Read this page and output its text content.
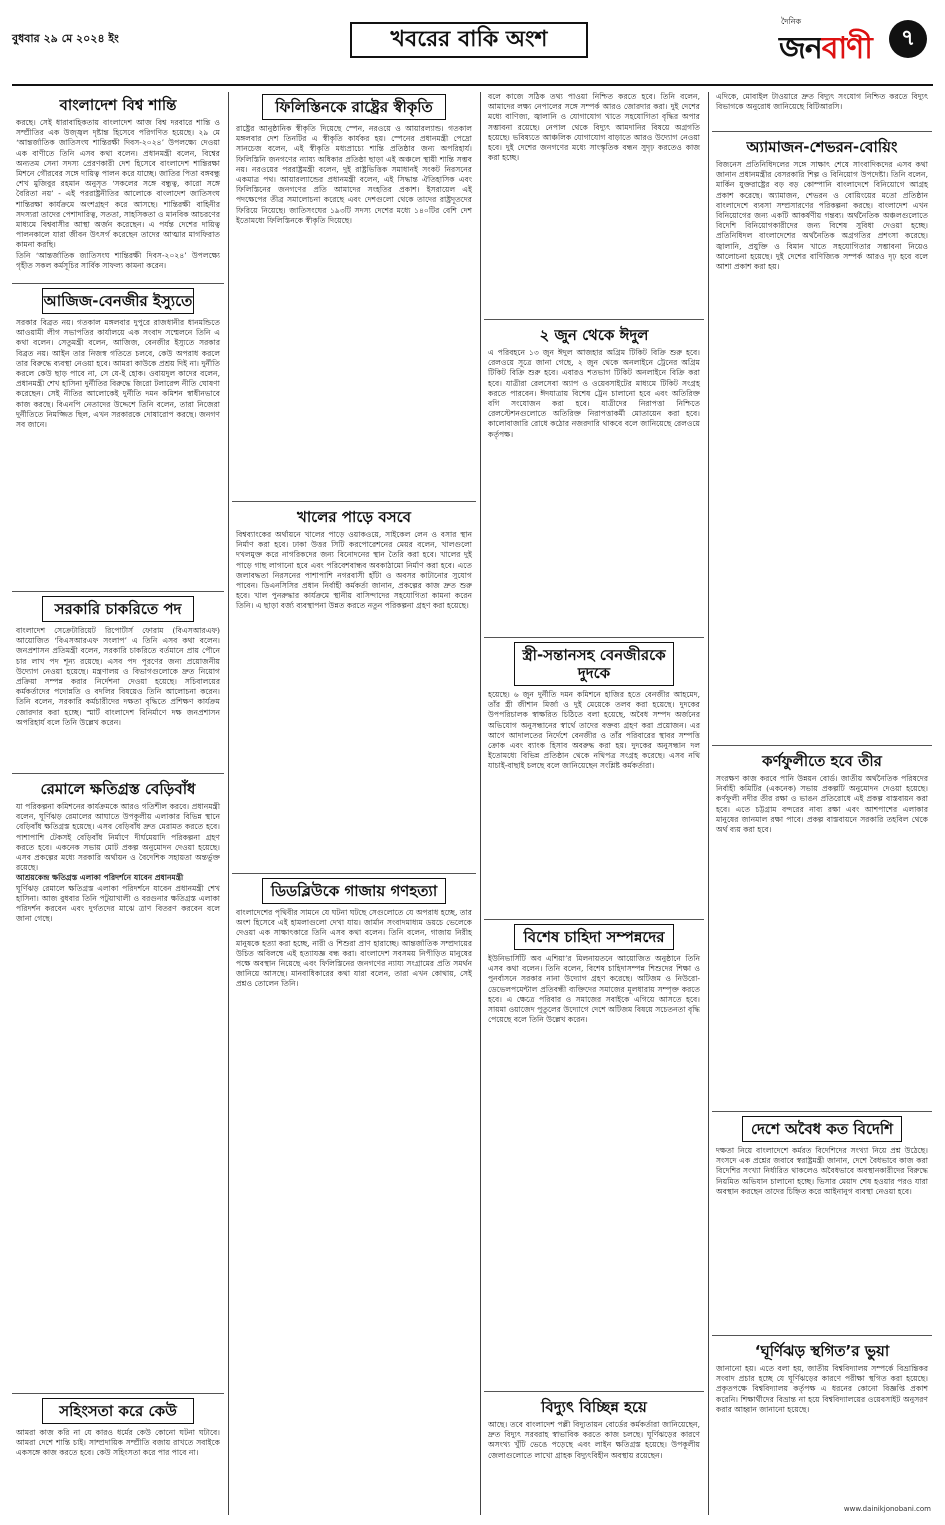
বুধবার ২৯ মে ২০২৪ ইং	খবরের বাকি অংশ
দৈনিক
জনবাণী	৭
বাংলাদেশ বিশ্ব শান্তি

করছে। সেই ধারাবাহিকতায় বাংলাদেশ আজ বিশ্ব দরবারে শান্তি ও সম্প্রীতির এক উজ্জ্বল দৃষ্টান্ত হিসেবে পরিগণিত হয়েছে। ২৯ মে ‘আন্তর্জাতিক জাতিসংঘ শান্তিরক্ষী দিবস-২০২৪’ উপলক্ষ্যে দেওয়া এক বাণীতে তিনি এসব কথা বলেন। প্রধানমন্ত্রী বলেন, বিশ্বের অন্যতম সেনা সদস্য প্রেরণকারী দেশ হিসেবে বাংলাদেশ শান্তিরক্ষা মিশনে গৌরবের সঙ্গে দায়িত্ব পালন করে যাচ্ছে। জাতির পিতা বঙ্গবন্ধু শেখ মুজিবুর রহমান অনুসৃত ‘সকলের সঙ্গে বন্ধুত্ব, কারো সঙ্গে বৈরিতা নয়’ - এই পররাষ্ট্রনীতির আলোকে বাংলাদেশ জাতিসংঘ শান্তিরক্ষা কার্যক্রমে অংশগ্রহণ করে আসছে। শান্তিরক্ষী বাহিনীর সদস্যরা তাদের পেশাদারিত্ব, সততা, সাহসিকতা ও মানবিক আচরণের মাধ্যমে বিশ্ববাসীর আস্থা অর্জন করেছেন। এ পর্যন্ত দেশের দায়িত্ব পালনকালে যারা জীবন উৎসর্গ করেছেন তাদের আত্মার মাগফিরাত কামনা করছি।

তিনি ‘আন্তর্জাতিক জাতিসংঘ শান্তিরক্ষী দিবস-২০২৪’ উপলক্ষ্যে গৃহীত সকল কর্মসূচির সার্বিক সাফল্য কামনা করেন।

আজিজ-বেনজীর ইস্যুতে

সরকার বিব্রত নয়। গতকাল মঙ্গলবার দুপুরে রাজধানীর ধানমন্ডিতে আওয়ামী লীগ সভাপতির কার্যালয়ে এক সংবাদ সম্মেলনে তিনি এ কথা বলেন। সেতুমন্ত্রী বলেন, আজিজ, বেনজীর ইস্যুতে সরকার বিব্রত নয়। আইন তার নিজস্ব গতিতে চলবে, কেউ অপরাধ করলে তার বিরুদ্ধে ব্যবস্থা নেওয়া হবে। আমরা কাউকে প্রশ্রয় দিই না। দুর্নীতি করলে কেউ ছাড় পাবে না, সে যে-ই হোক। ওবায়দুল কাদের বলেন, প্রধানমন্ত্রী শেখ হাসিনা দুর্নীতির বিরুদ্ধে জিরো টলারেন্স নীতি ঘোষণা করেছেন। সেই নীতির আলোকেই দুর্নীতি দমন কমিশন স্বাধীনভাবে কাজ করছে। বিএনপি নেতাদের উদ্দেশে তিনি বলেন, তারা নিজেরা দুর্নীতিতে নিমজ্জিত ছিল, এখন সরকারকে দোষারোপ করছে। জনগণ সব জানে।

সরকারি চাকরিতে পদ

বাংলাদেশ সেক্রেটারিয়েট রিপোর্টার্স ফোরাম (বিএসআরএফ) আয়োজিত ‘বিএসআরএফ সংলাপ’ এ তিনি এসব কথা বলেন। জনপ্রশাসন প্রতিমন্ত্রী বলেন, সরকারি চাকরিতে বর্তমানে প্রায় পৌনে চার লাখ পদ শূন্য রয়েছে। এসব পদ পূরণের জন্য প্রয়োজনীয় উদ্যোগ নেওয়া হয়েছে। মন্ত্রণালয় ও বিভাগগুলোকে দ্রুত নিয়োগ প্রক্রিয়া সম্পন্ন করার নির্দেশনা দেওয়া হয়েছে। সচিবালয়ের কর্মকর্তাদের পদোন্নতি ও বদলির বিষয়েও তিনি আলোচনা করেন। তিনি বলেন, সরকারি কর্মচারীদের দক্ষতা বৃদ্ধিতে প্রশিক্ষণ কার্যক্রম জোরদার করা হচ্ছে। স্মার্ট বাংলাদেশ বিনির্মাণে দক্ষ জনপ্রশাসন অপরিহার্য বলে তিনি উল্লেখ করেন।

রেমালে ক্ষতিগ্রস্ত বেড়িবাঁধ

যা পরিকল্পনা কমিশনের কার্যক্রমকে আরও গতিশীল করবে। প্রধানমন্ত্রী বলেন, ঘূর্ণিঝড় রেমালের আঘাতে উপকূলীয় এলাকার বিভিন্ন স্থানে বেড়িবাঁধ ক্ষতিগ্রস্ত হয়েছে। এসব বেড়িবাঁধ দ্রুত মেরামত করতে হবে। পাশাপাশি টেকসই বেড়িবাঁধ নির্মাণে দীর্ঘমেয়াদি পরিকল্পনা গ্রহণ করতে হবে। একনেক সভায় মোট প্রকল্প অনুমোদন দেওয়া হয়েছে। এসব প্রকল্পের মধ্যে সরকারি অর্থায়ন ও বৈদেশিক সহায়তা অন্তর্ভুক্ত রয়েছে।

আশ্রয়কেন্দ্র ক্ষতিগ্রস্ত এলাকা পরিদর্শনে যাবেন প্রধানমন্ত্রী

ঘূর্ণিঝড় রেমালে ক্ষতিগ্রস্ত এলাকা পরিদর্শনে যাবেন প্রধানমন্ত্রী শেখ হাসিনা। আজ বুধবার তিনি পটুয়াখালী ও বরগুনার ক্ষতিগ্রস্ত এলাকা পরিদর্শন করবেন এবং দুর্গতদের মাঝে ত্রাণ বিতরণ করবেন বলে জানা গেছে।

সহিংসতা করে কেউ

আমরা কাজ করি না যে কারও ধর্মের কেউ কোনো ঘটনা ঘটাবে। আমরা দেশে শান্তি চাই। সাম্প্রদায়িক সম্প্রীতি বজায় রাখতে সবাইকে একসঙ্গে কাজ করতে হবে। কেউ সহিংসতা করে পার পাবে না।

ফিলিস্তিনকে রাষ্ট্রের স্বীকৃতি

রাষ্ট্রের আনুষ্ঠানিক স্বীকৃতি দিয়েছে স্পেন, নরওয়ে ও আয়ারল্যান্ড। গতকাল মঙ্গলবার দেশ তিনটির এ স্বীকৃতি কার্যকর হয়। স্পেনের প্রধানমন্ত্রী পেদ্রো সানচেজ বলেন, এই স্বীকৃতি মধ্যপ্রাচ্যে শান্তি প্রতিষ্ঠার জন্য অপরিহার্য। ফিলিস্তিনি জনগণের ন্যায্য অধিকার প্রতিষ্ঠা ছাড়া এই অঞ্চলে স্থায়ী শান্তি সম্ভব নয়। নরওয়ের পররাষ্ট্রমন্ত্রী বলেন, দুই রাষ্ট্রভিত্তিক সমাধানই সংকট নিরসনের একমাত্র পথ। আয়ারল্যান্ডের প্রধানমন্ত্রী বলেন, এই সিদ্ধান্ত ঐতিহাসিক এবং ফিলিস্তিনের জনগণের প্রতি আমাদের সংহতির প্রকাশ। ইসরায়েল এই পদক্ষেপের তীব্র সমালোচনা করেছে এবং দেশগুলো থেকে তাদের রাষ্ট্রদূতদের ফিরিয়ে নিয়েছে। জাতিসংঘের ১৯৩টি সদস্য দেশের মধ্যে ১৪০টির বেশি দেশ ইতোমধ্যে ফিলিস্তিনকে স্বীকৃতি দিয়েছে।

খালের পাড়ে বসবে

বিশ্বব্যাংকের অর্থায়নে খালের পাড়ে ওয়াকওয়ে, সাইকেল লেন ও বসার স্থান নির্মাণ করা হবে। ঢাকা উত্তর সিটি করপোরেশনের মেয়র বলেন, খালগুলো দখলমুক্ত করে নাগরিকদের জন্য বিনোদনের স্থান তৈরি করা হবে। খালের দুই পাড়ে গাছ লাগানো হবে এবং পরিবেশবান্ধব অবকাঠামো নির্মাণ করা হবে। এতে জলাবদ্ধতা নিরসনের পাশাপাশি নগরবাসী হাঁটা ও অবসর কাটানোর সুযোগ পাবেন। ডিএনসিসির প্রধান নির্বাহী কর্মকর্তা জানান, প্রকল্পের কাজ দ্রুত শুরু হবে। খাল পুনরুদ্ধার কার্যক্রমে স্থানীয় বাসিন্দাদের সহযোগিতা কামনা করেন তিনি। এ ছাড়া বর্জ্য ব্যবস্থাপনা উন্নত করতে নতুন পরিকল্পনা গ্রহণ করা হয়েছে।

ডিডব্লিউকে গাজায় গণহত্যা

বাংলাদেশের পৃথিবীর সামনে যে ঘটনা ঘটছে সেগুলোতে যে অপরাধ হচ্ছে, তার অংশ হিসেবে এই হামলাগুলো দেখা যায়। জার্মান সংবাদমাধ্যম ডয়চে ভেলেকে দেওয়া এক সাক্ষাৎকারে তিনি এসব কথা বলেন। তিনি বলেন, গাজায় নিরীহ মানুষকে হত্যা করা হচ্ছে, নারী ও শিশুরা প্রাণ হারাচ্ছে। আন্তর্জাতিক সম্প্রদায়ের উচিত অবিলম্বে এই হত্যাযজ্ঞ বন্ধ করা। বাংলাদেশ সবসময় নিপীড়িত মানুষের পক্ষে অবস্থান নিয়েছে এবং ফিলিস্তিনের জনগণের ন্যায্য সংগ্রামের প্রতি সমর্থন জানিয়ে আসছে। মানবাধিকারের কথা যারা বলেন, তারা এখন কোথায়, সেই প্রশ্নও তোলেন তিনি।

বলে কাজে সঠিক তথ্য পাওয়া নিশ্চিত করতে হবে। তিনি বলেন, আমাদের লক্ষ্য নেপালের সঙ্গে সম্পর্ক আরও জোরদার করা। দুই দেশের মধ্যে বাণিজ্য, জ্বালানি ও যোগাযোগ খাতে সহযোগিতা বৃদ্ধির অপার সম্ভাবনা রয়েছে। নেপাল থেকে বিদ্যুৎ আমদানির বিষয়ে অগ্রগতি হয়েছে। ভবিষ্যতে আঞ্চলিক যোগাযোগ বাড়াতে আরও উদ্যোগ নেওয়া হবে। দুই দেশের জনগণের মধ্যে সাংস্কৃতিক বন্ধন সুদৃঢ় করতেও কাজ করা হচ্ছে।

২ জুন থেকে ঈদুল

এ পরিবহনে ১৩ জুন ঈদুল আজহার অগ্রিম টিকিট বিক্রি শুরু হবে। রেলওয়ে সূত্রে জানা গেছে, ২ জুন থেকে অনলাইনে ট্রেনের অগ্রিম টিকিট বিক্রি শুরু হবে। এবারও শতভাগ টিকিট অনলাইনে বিক্রি করা হবে। যাত্রীরা রেলসেবা অ্যাপ ও ওয়েবসাইটের মাধ্যমে টিকিট সংগ্রহ করতে পারবেন। ঈদযাত্রায় বিশেষ ট্রেন চালানো হবে এবং অতিরিক্ত বগি সংযোজন করা হবে। যাত্রীদের নিরাপত্তা নিশ্চিতে রেলস্টেশনগুলোতে অতিরিক্ত নিরাপত্তাকর্মী মোতায়েন করা হবে। কালোবাজারি রোধে কঠোর নজরদারি থাকবে বলে জানিয়েছে রেলওয়ে কর্তৃপক্ষ।

স্ত্রী-সন্তানসহ বেনজীরকে দুদকে

হয়েছে। ৬ জুন দুর্নীতি দমন কমিশনে হাজির হতে বেনজীর আহমেদ, তাঁর স্ত্রী জীশান মির্জা ও দুই মেয়েকে তলব করা হয়েছে। দুদকের উপপরিচালক স্বাক্ষরিত চিঠিতে বলা হয়েছে, অবৈধ সম্পদ অর্জনের অভিযোগ অনুসন্ধানের স্বার্থে তাদের বক্তব্য গ্রহণ করা প্রয়োজন। এর আগে আদালতের নির্দেশে বেনজীর ও তাঁর পরিবারের স্থাবর সম্পত্তি ক্রোক এবং ব্যাংক হিসাব অবরুদ্ধ করা হয়। দুদকের অনুসন্ধান দল ইতোমধ্যে বিভিন্ন প্রতিষ্ঠান থেকে নথিপত্র সংগ্রহ করেছে। এসব নথি যাচাই-বাছাই চলছে বলে জানিয়েছেন সংশ্লিষ্ট কর্মকর্তারা।

বিশেষ চাহিদা সম্পন্নদের

ইউনিভার্সিটি অব এশিয়া’র মিলনায়তনে আয়োজিত অনুষ্ঠানে তিনি এসব কথা বলেন। তিনি বলেন, বিশেষ চাহিদাসম্পন্ন শিশুদের শিক্ষা ও পুনর্বাসনে সরকার নানা উদ্যোগ গ্রহণ করেছে। অটিজম ও নিউরো-ডেভেলপমেন্টাল প্রতিবন্ধী ব্যক্তিদের সমাজের মূলধারায় সম্পৃক্ত করতে হবে। এ ক্ষেত্রে পরিবার ও সমাজের সবাইকে এগিয়ে আসতে হবে। সায়মা ওয়াজেদ পুতুলের উদ্যোগে দেশে অটিজম বিষয়ে সচেতনতা বৃদ্ধি পেয়েছে বলে তিনি উল্লেখ করেন।

বিদ্যুৎ বিচ্ছিন্ন হয়ে

আছে। তবে বাংলাদেশ পল্লী বিদ্যুতায়ন বোর্ডের কর্মকর্তারা জানিয়েছেন, দ্রুত বিদ্যুৎ সরবরাহ স্বাভাবিক করতে কাজ চলছে। ঘূর্ণিঝড়ের কারণে অসংখ্য খুঁটি ভেঙে পড়েছে এবং লাইন ক্ষতিগ্রস্ত হয়েছে। উপকূলীয় জেলাগুলোতে লাখো গ্রাহক বিদ্যুৎবিহীন অবস্থায় রয়েছেন।

এদিকে, মোবাইল টাওয়ারে দ্রুত বিদ্যুৎ সংযোগ নিশ্চিত করতে বিদ্যুৎ বিভাগকে অনুরোধ জানিয়েছে বিটিআরসি।

অ্যামাজন-শেভরন-বোয়িং

বিজনেস প্রতিনিধিদলের সঙ্গে সাক্ষাৎ শেষে সাংবাদিকদের এসব কথা জানান প্রধানমন্ত্রীর বেসরকারি শিল্প ও বিনিয়োগ উপদেষ্টা। তিনি বলেন, মার্কিন যুক্তরাষ্ট্রের বড় বড় কোম্পানি বাংলাদেশে বিনিয়োগে আগ্রহ প্রকাশ করেছে। অ্যামাজন, শেভরন ও বোয়িংয়ের মতো প্রতিষ্ঠান বাংলাদেশে ব্যবসা সম্প্রসারণের পরিকল্পনা করছে। বাংলাদেশ এখন বিনিয়োগের জন্য একটি আকর্ষণীয় গন্তব্য। অর্থনৈতিক অঞ্চলগুলোতে বিদেশি বিনিয়োগকারীদের জন্য বিশেষ সুবিধা দেওয়া হচ্ছে। প্রতিনিধিদল বাংলাদেশের অর্থনৈতিক অগ্রগতির প্রশংসা করেছে। জ্বালানি, প্রযুক্তি ও বিমান খাতে সহযোগিতার সম্ভাবনা নিয়েও আলোচনা হয়েছে। দুই দেশের বাণিজ্যিক সম্পর্ক আরও দৃঢ় হবে বলে আশা প্রকাশ করা হয়।

কর্ণফুলীতে হবে তীর

সংরক্ষণ কাজ করবে পানি উন্নয়ন বোর্ড। জাতীয় অর্থনৈতিক পরিষদের নির্বাহী কমিটির (একনেক) সভায় প্রকল্পটি অনুমোদন দেওয়া হয়েছে। কর্ণফুলী নদীর তীর রক্ষা ও ভাঙন প্রতিরোধে এই প্রকল্প বাস্তবায়ন করা হবে। এতে চট্টগ্রাম বন্দরের নাব্য রক্ষা এবং আশপাশের এলাকার মানুষের জানমাল রক্ষা পাবে। প্রকল্প বাস্তবায়নে সরকারি তহবিল থেকে অর্থ ব্যয় করা হবে।

দেশে অবৈধ কত বিদেশি

দক্ষতা নিয়ে বাংলাদেশে কর্মরত বিদেশিদের সংখ্যা নিয়ে প্রশ্ন উঠেছে। সংসদে এক প্রশ্নের জবাবে স্বরাষ্ট্রমন্ত্রী জানান, দেশে বৈধভাবে কাজ করা বিদেশির সংখ্যা নির্ধারিত থাকলেও অবৈধভাবে অবস্থানকারীদের বিরুদ্ধে নিয়মিত অভিযান চালানো হচ্ছে। ভিসার মেয়াদ শেষ হওয়ার পরও যারা অবস্থান করছেন তাদের চিহ্নিত করে আইনানুগ ব্যবস্থা নেওয়া হবে।

‘ঘূর্ণিঝড় স্থগিত’র ভুয়া

জানানো হয়। এতে বলা হয়, জাতীয় বিশ্ববিদ্যালয় সম্পর্কে বিভ্রান্তিকর সংবাদ প্রচার হচ্ছে যে ঘূর্ণিঝড়ের কারণে পরীক্ষা স্থগিত করা হয়েছে। প্রকৃতপক্ষে বিশ্ববিদ্যালয় কর্তৃপক্ষ এ ধরনের কোনো বিজ্ঞপ্তি প্রকাশ করেনি। শিক্ষার্থীদের বিভ্রান্ত না হয়ে বিশ্ববিদ্যালয়ের ওয়েবসাইট অনুসরণ করার আহ্বান জানানো হয়েছে।

www.dainikjonobani.com
